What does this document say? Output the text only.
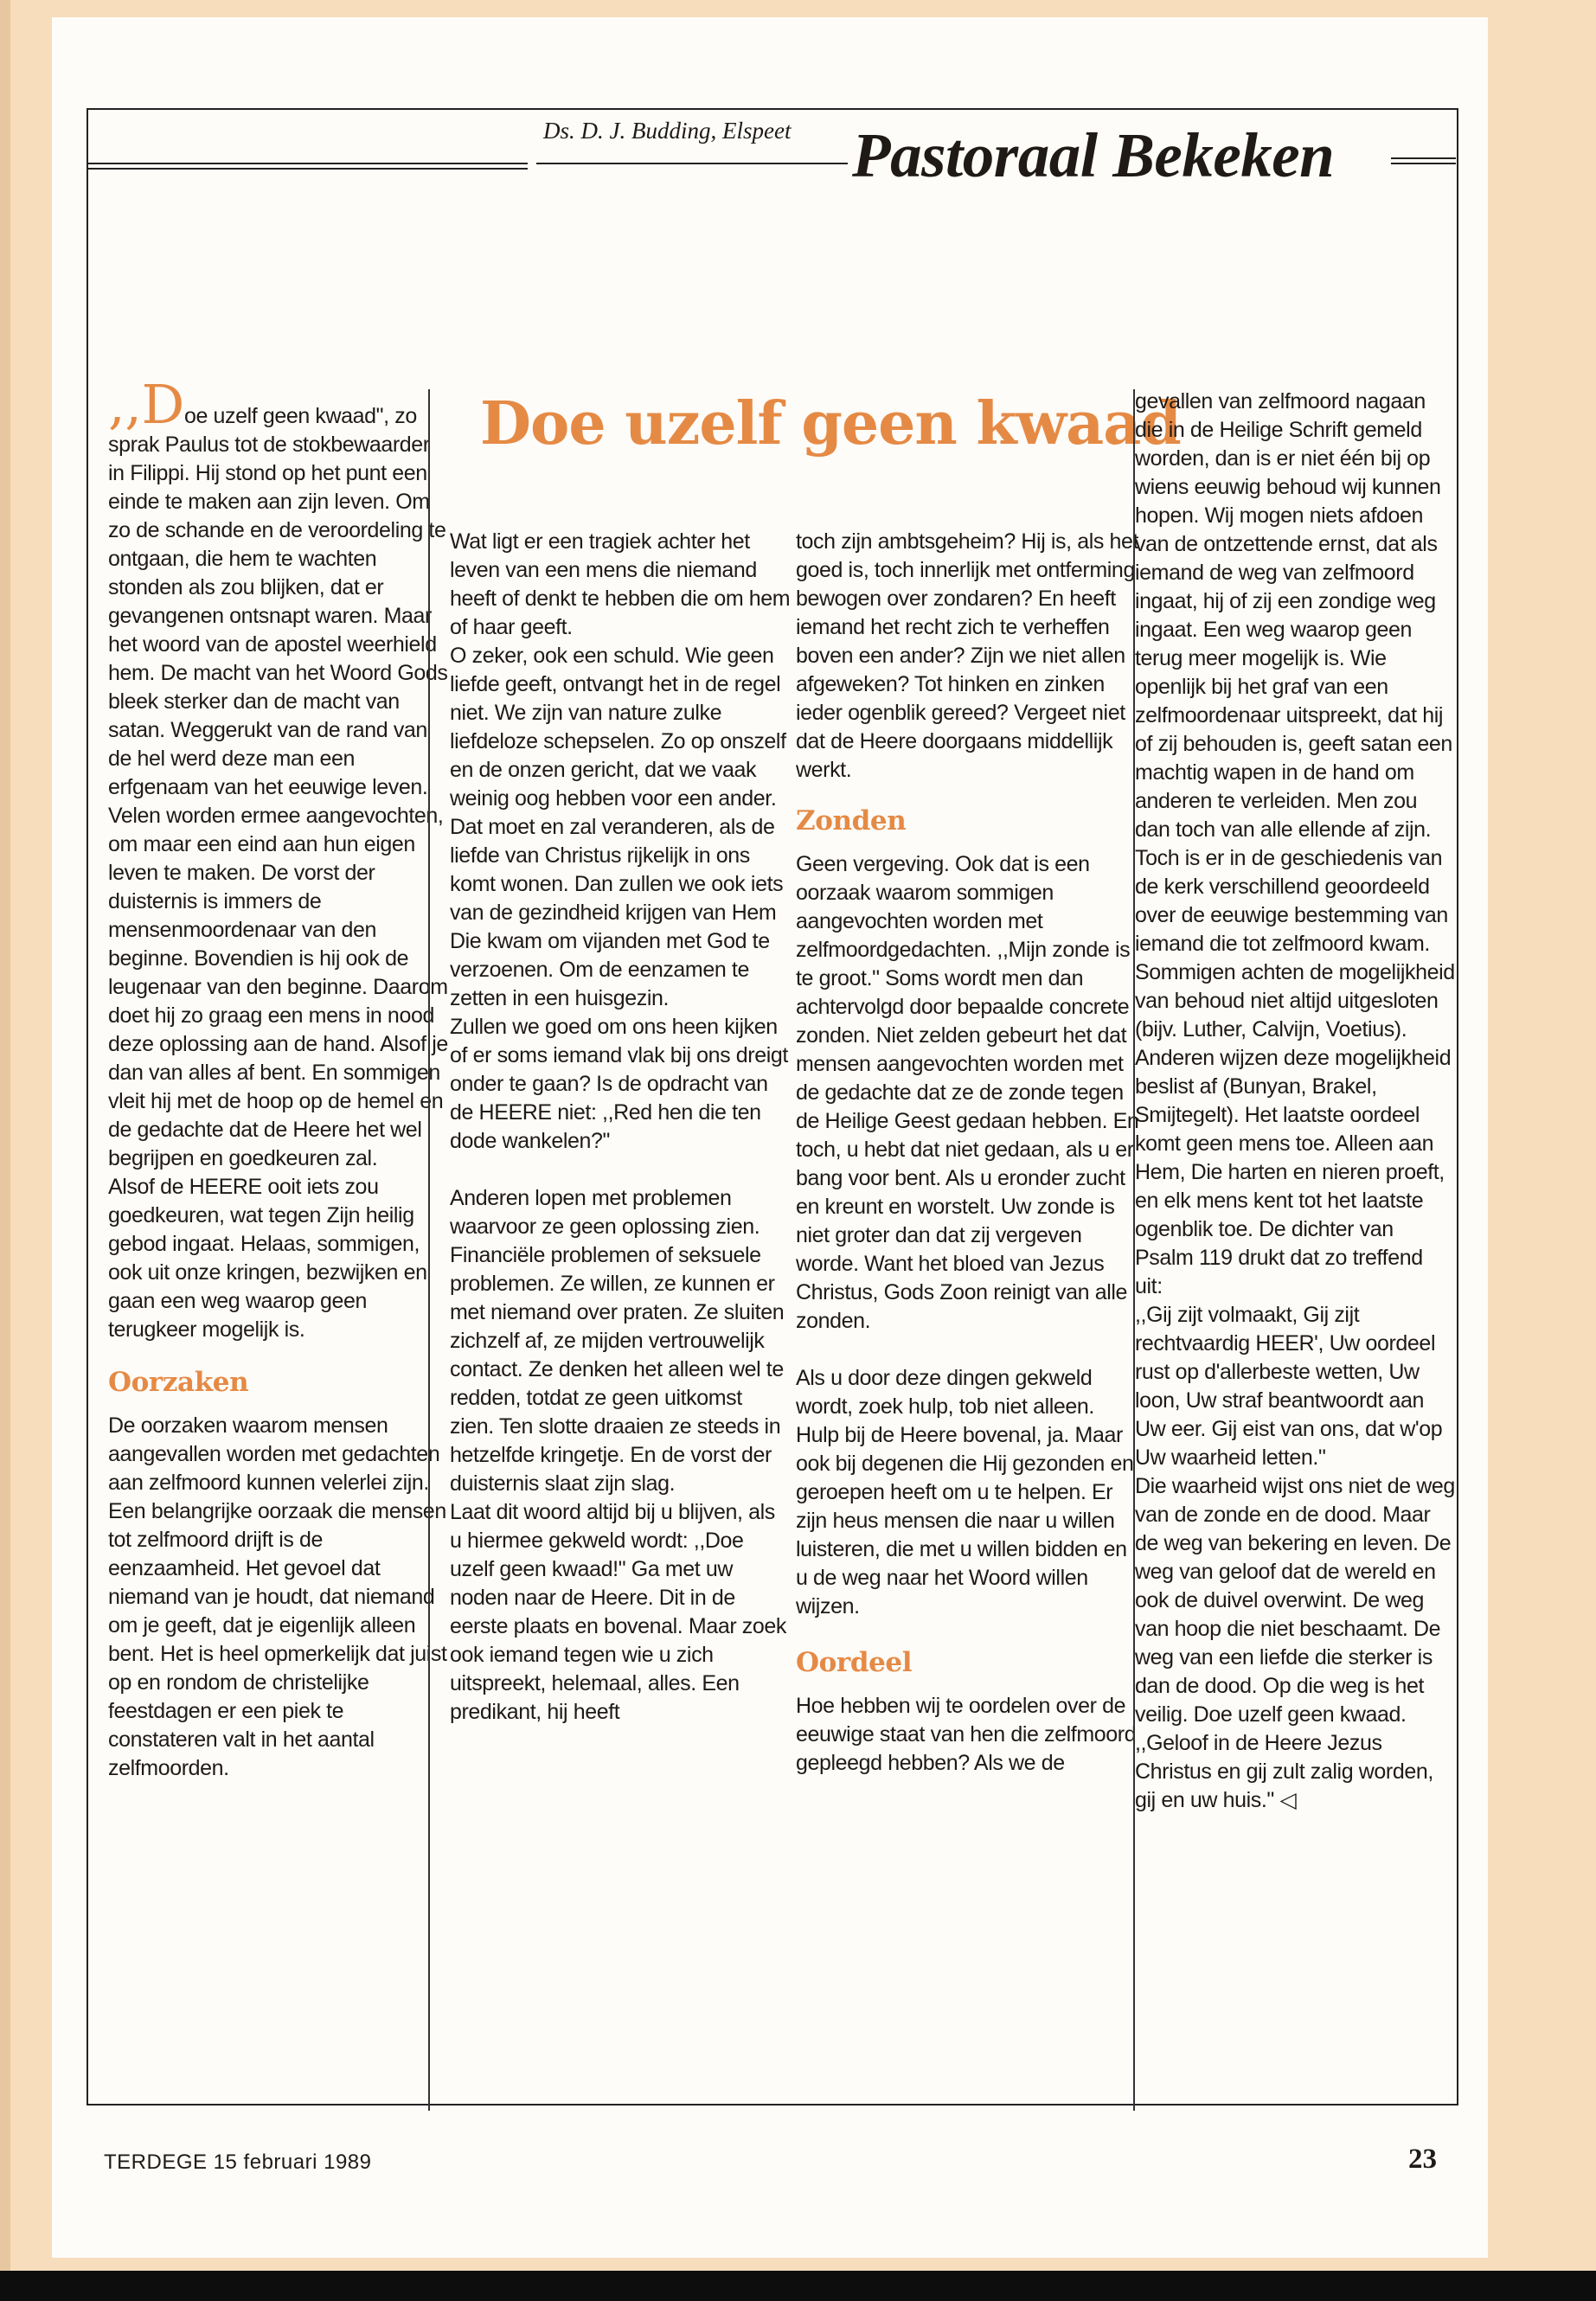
Ds. D. J. Budding, Elspeet Pastoraal Bekeken
Doe uzelf geen kwaad

,,Doe uzelf geen kwaad", zo sprak Paulus tot de stokbewaarder in Filippi. Hij stond op het punt een einde te maken aan zijn leven. Om zo de schande en de veroordeling te ontgaan, die hem te wachten stonden als zou blijken, dat er gevangenen ontsnapt waren. Maar het woord van de apostel weerhield hem. De macht van het Woord Gods bleek sterker dan de macht van satan. Weggerukt van de rand van de hel werd deze man een erfgenaam van het eeuwige leven.

Velen worden ermee aangevochten, om maar een eind aan hun eigen leven te maken. De vorst der duisternis is immers de mensenmoordenaar van den beginne. Bovendien is hij ook de leugenaar van den beginne. Daarom doet hij zo graag een mens in nood deze oplossing aan de hand. Alsof je dan van alles af bent. En sommigen vleit hij met de hoop op de hemel en de gedachte dat de Heere het wel begrijpen en goedkeuren zal.

Alsof de HEERE ooit iets zou goedkeuren, wat tegen Zijn heilig gebod ingaat. Helaas, sommigen, ook uit onze kringen, bezwijken en gaan een weg waarop geen terugkeer mogelijk is.

Oorzaken

De oorzaken waarom mensen aangevallen worden met gedachten aan zelfmoord kunnen velerlei zijn. Een belangrijke oorzaak die mensen tot zelfmoord drijft is de eenzaamheid. Het gevoel dat niemand van je houdt, dat niemand om je geeft, dat je eigenlijk alleen bent. Het is heel opmerkelijk dat juist op en rondom de christelijke feestdagen er een piek te constateren valt in het aantal zelfmoorden.

Wat ligt er een tragiek achter het leven van een mens die niemand heeft of denkt te hebben die om hem of haar geeft.

O zeker, ook een schuld. Wie geen liefde geeft, ontvangt het in de regel niet. We zijn van nature zulke liefdeloze schepselen. Zo op onszelf en de onzen gericht, dat we vaak weinig oog hebben voor een ander. Dat moet en zal veranderen, als de liefde van Christus rijkelijk in ons komt wonen. Dan zullen we ook iets van de gezindheid krijgen van Hem Die kwam om vijanden met God te verzoenen. Om de eenzamen te zetten in een huisgezin.

Zullen we goed om ons heen kijken of er soms iemand vlak bij ons dreigt onder te gaan? Is de opdracht van de HEERE niet: ,,Red hen die ten dode wankelen?"

Anderen lopen met problemen waarvoor ze geen oplossing zien. Financiële problemen of seksuele problemen. Ze willen, ze kunnen er met niemand over praten. Ze sluiten zichzelf af, ze mijden vertrouwelijk contact. Ze denken het alleen wel te redden, totdat ze geen uitkomst zien. Ten slotte draaien ze steeds in hetzelfde kringetje. En de vorst der duisternis slaat zijn slag.

Laat dit woord altijd bij u blijven, als u hiermee gekweld wordt: ,,Doe uzelf geen kwaad!" Ga met uw noden naar de Heere. Dit in de eerste plaats en bovenal. Maar zoek ook iemand tegen wie u zich uitspreekt, helemaal, alles. Een predikant, hij heeft

toch zijn ambtsgeheim? Hij is, als het goed is, toch innerlijk met ontferming bewogen over zondaren? En heeft iemand het recht zich te verheffen boven een ander? Zijn we niet allen afgeweken? Tot hinken en zinken ieder ogenblik gereed? Vergeet niet dat de Heere doorgaans middellijk werkt.

Zonden

Geen vergeving. Ook dat is een oorzaak waarom sommigen aangevochten worden met zelfmoordgedachten. ,,Mijn zonde is te groot." Soms wordt men dan achtervolgd door bepaalde concrete zonden. Niet zelden gebeurt het dat mensen aangevochten worden met de gedachte dat ze de zonde tegen de Heilige Geest gedaan hebben. En toch, u hebt dat niet gedaan, als u er bang voor bent. Als u eronder zucht en kreunt en worstelt. Uw zonde is niet groter dan dat zij vergeven worde. Want het bloed van Jezus Christus, Gods Zoon reinigt van alle zonden.

Als u door deze dingen gekweld wordt, zoek hulp, tob niet alleen. Hulp bij de Heere bovenal, ja. Maar ook bij degenen die Hij gezonden en geroepen heeft om u te helpen. Er zijn heus mensen die naar u willen luisteren, die met u willen bidden en u de weg naar het Woord willen wijzen.

Oordeel

Hoe hebben wij te oordelen over de eeuwige staat van hen die zelfmoord gepleegd hebben? Als we de

gevallen van zelfmoord nagaan die in de Heilige Schrift gemeld worden, dan is er niet één bij op wiens eeuwig behoud wij kunnen hopen. Wij mogen niets afdoen van de ontzettende ernst, dat als iemand de weg van zelfmoord ingaat, hij of zij een zondige weg ingaat. Een weg waarop geen terug meer mogelijk is. Wie openlijk bij het graf van een zelfmoordenaar uitspreekt, dat hij of zij behouden is, geeft satan een machtig wapen in de hand om anderen te verleiden. Men zou dan toch van alle ellende af zijn.

Toch is er in de geschiedenis van de kerk verschillend geoordeeld over de eeuwige bestemming van iemand die tot zelfmoord kwam. Sommigen achten de mogelijkheid van behoud niet altijd uitgesloten (bijv. Luther, Calvijn, Voetius). Anderen wijzen deze mogelijkheid beslist af (Bunyan, Brakel, Smijtegelt). Het laatste oordeel komt geen mens toe. Alleen aan Hem, Die harten en nieren proeft, en elk mens kent tot het laatste ogenblik toe. De dichter van Psalm 119 drukt dat zo treffend uit:

,,Gij zijt volmaakt, Gij zijt rechtvaardig HEER', Uw oordeel rust op d'allerbeste wetten, Uw loon, Uw straf beantwoordt aan Uw eer. Gij eist van ons, dat w'op Uw waarheid letten."

Die waarheid wijst ons niet de weg van de zonde en de dood. Maar de weg van bekering en leven. De weg van geloof dat de wereld en ook de duivel overwint. De weg van hoop die niet beschaamt. De weg van een liefde die sterker is dan de dood. Op die weg is het veilig. Doe uzelf geen kwaad. ,,Geloof in de Heere Jezus Christus en gij zult zalig worden, gij en uw huis." ◁

TERDEGE 15 februari 1989	23
